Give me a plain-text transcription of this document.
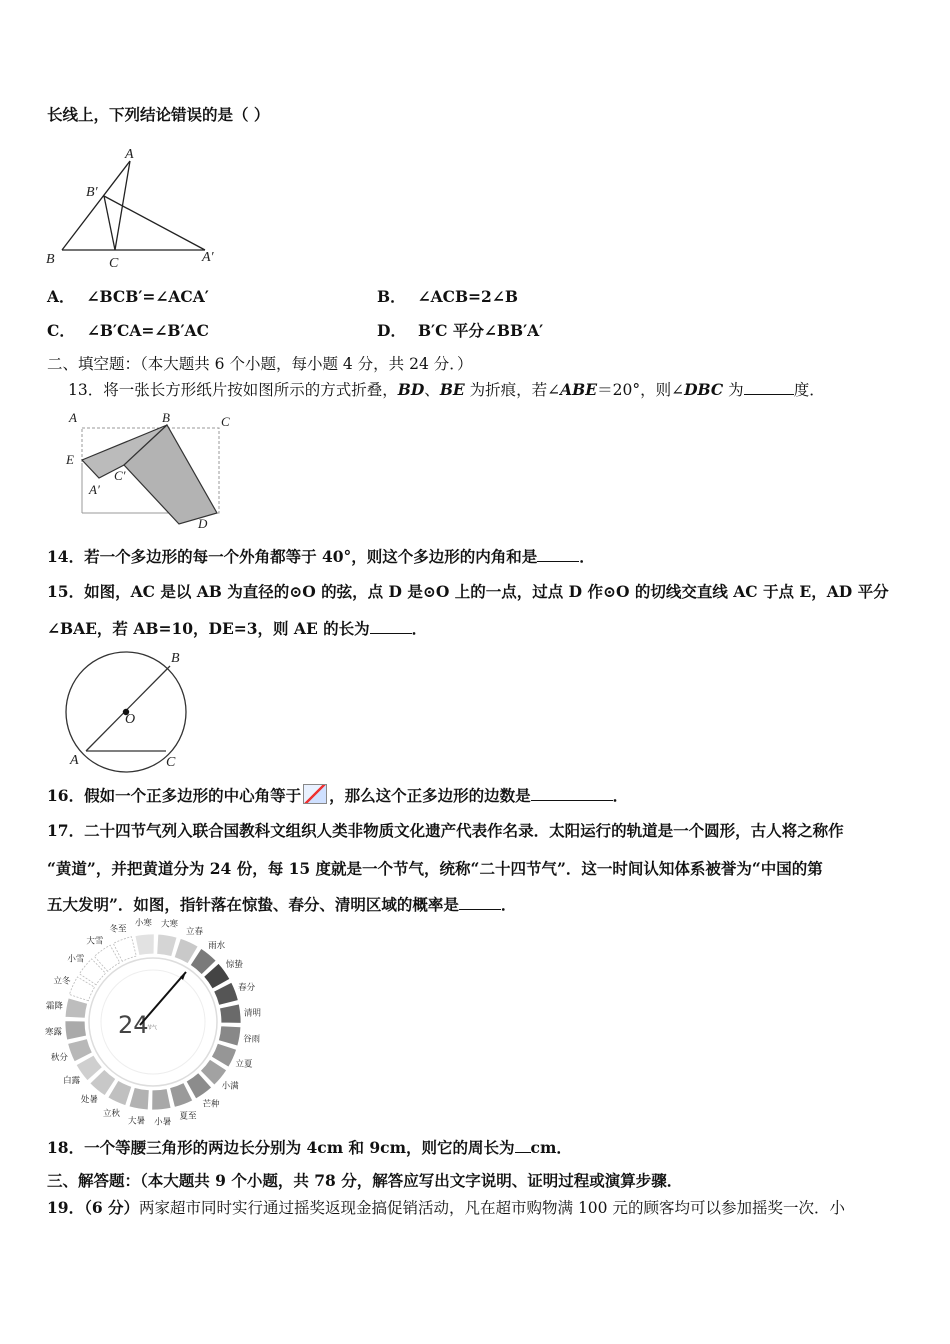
长线上，下列结论错误的是（ ）
A
B′
B	C	A′
A． ∠BCB′=∠ACA′	B． ∠ACB=2∠B
C． ∠B′CA=∠B′AC	D． B′C 平分∠BB′A′
二、填空题：（本大题共 6 个小题，每小题 4 分，共 24 分．）
13．将一张长方形纸片按如图所示的方式折叠，BD、BE 为折痕，若∠ABE＝20°，则∠DBC 为	度．
A	B	C
E
C′
A′
D
14．若一个多边形的每一个外角都等于 40°，则这个多边形的内角和是	．
15．如图，AC 是以 AB 为直径的⊙O 的弦，点 D 是⊙O 上的一点，过点 D 作⊙O 的切线交直线 AC 于点 E，AD 平分
∠BAE，若 AB=10，DE=3，则 AE 的长为	．
B
O
A	C
16．假如一个正多边形的中心角等于 ，那么这个正多边形的边数是	．
17．二十四节气列入联合国教科文组织人类非物质文化遗产代表作名录．太阳运行的轨道是一个圆形，古人将之称作
“黄道”，并把黄道分为 24 份，每 15 度就是一个节气，统称“二十四节气”．这一时间认知体系被誉为“中国的第
五大发明”．如图，指针落在惊蛰、春分、清明区域的概率是	．
冬至
小寒 大寒
立春
雨水
惊蛰
春分
清明
谷雨
立夏
小满
芒种
夏至
小暑
大暑
立秋
处暑
白露
秋分
寒露
霜降
立冬
小雪
大雪
24
节气
18．一个等腰三角形的两边长分别为 4cm 和 9cm，则它的周长为 cm．
三、解答题：（本大题共 9 个小题，共 78 分，解答应写出文字说明、证明过程或演算步骤．
19．（6 分）两家超市同时实行通过摇奖返现金搞促销活动，凡在超市购物满 100 元的顾客均可以参加摇奖一次．小
